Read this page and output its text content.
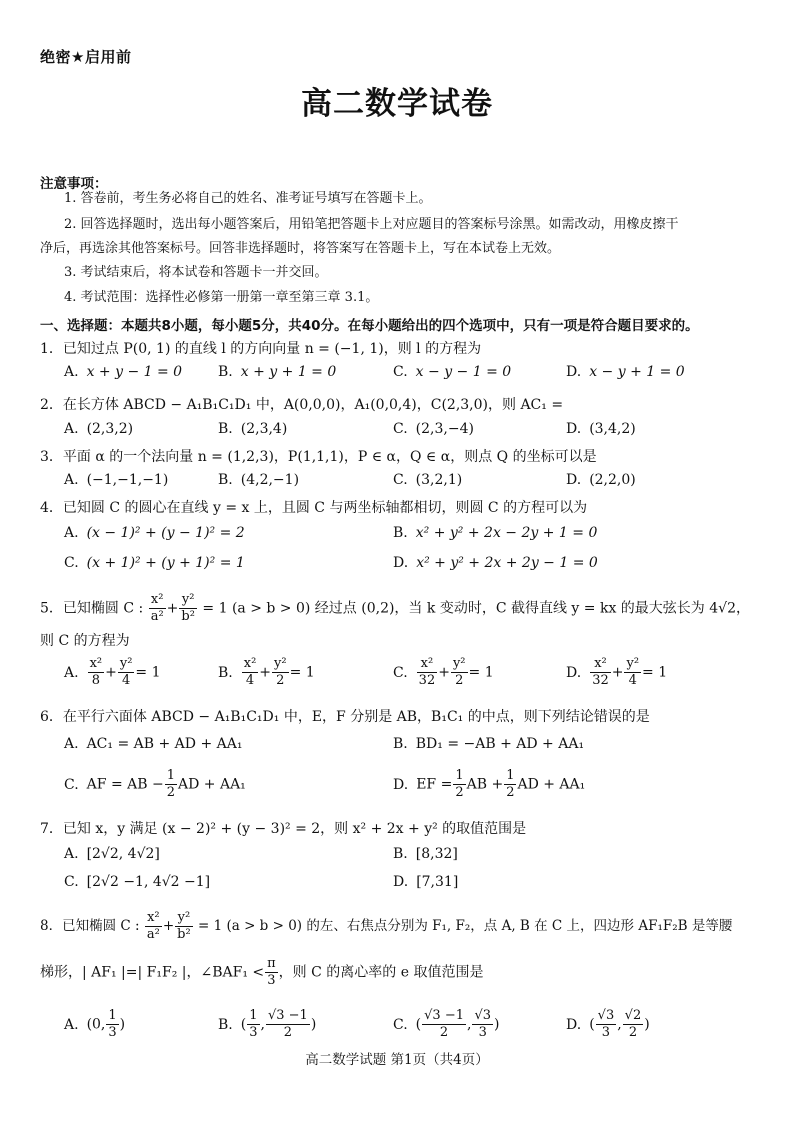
绝密★启用前
高二数学试卷
注意事项：
1. 答卷前，考生务必将自己的姓名、准考证号填写在答题卡上。
2. 回答选择题时，选出每小题答案后，用铅笔把答题卡上对应题目的答案标号涂黑。如需改动，用橡皮擦干
净后，再选涂其他答案标号。回答非选择题时，将答案写在答题卡上，写在本试卷上无效。
3. 考试结束后，将本试卷和答题卡一并交回。
4. 考试范围：选择性必修第一册第一章至第三章 3.1。
一、选择题：本题共8小题，每小题5分，共40分。在每小题给出的四个选项中，只有一项是符合题目要求的。
1．已知过点 P(0, 1) 的直线 l 的方向向量 n = (−1, 1)，则 l 的方程为
A. x + y − 1 = 0	B. x + y + 1 = 0	C. x − y − 1 = 0	D. x − y + 1 = 0
2．在长方体 ABCD − A₁B₁C₁D₁ 中，A(0,0,0)，A₁(0,0,4)，C(2,3,0)，则 AC₁ =
A. (2,3,2)	B. (2,3,4)	C. (2,3,−4)	D. (3,4,2)
3．平面 α 的一个法向量 n = (1,2,3)，P(1,1,1)，P ∈ α，Q ∈ α，则点 Q 的坐标可以是
A. (−1,−1,−1)	B. (4,2,−1)	C. (3,2,1)	D. (2,2,0)
4．已知圆 C 的圆心在直线 y = x 上，且圆 C 与两坐标轴都相切，则圆 C 的方程可以为
A. (x − 1)² + (y − 1)² = 2	B. x² + y² + 2x − 2y + 1 = 0
C. (x + 1)² + (y + 1)² = 1	D. x² + y² + 2x + 2y − 1 = 0
5．已知椭圆 C : $\frac{\text{x²}}{\text{a²}} + \frac{\text{y²}}{\text{b²}} = 1$ (a > b > 0) 经过点 (0,2)，当 k 变动时，C 截得直线 y = kx 的最大弦长为 4√2，
则 C 的方程为
A. $\frac{\text{x²}}{8} + \frac{\text{y²}}{4} = 1$	B. $\frac{\text{x²}}{4} + \frac{\text{y²}}{2} = 1$	C. $\frac{\text{x²}}{32} + \frac{\text{y²}}{2} = 1$	D. $\frac{\text{x²}}{32} + \frac{\text{y²}}{4} = 1$
6．在平行六面体 ABCD − A₁B₁C₁D₁ 中，E，F 分别是 AB，B₁C₁ 的中点，则下列结论错误的是
A. AC₁ = AB + AD + AA₁	B. BD₁ = −AB + AD + AA₁
C. AF = AB − $\frac{1}{2}$ AD + AA₁	D. EF = $\frac{1}{2}$ AB + $\frac{1}{2}$ AD + AA₁
7．已知 x，y 满足 (x − 2)² + (y − 3)² = 2，则 x² + 2x + y² 的取值范围是
A. [2√2, 4√2]	B. [8,32]
C. [2√2 −1, 4√2 −1]	D. [7,31]
8．已知椭圆 C : $\frac{\text{x²}}{\text{a²}} + \frac{\text{y²}}{\text{b²}} = 1$ (a > b > 0) 的左、右焦点分别为 F₁, F₂，点 A, B 在 C 上，四边形 AF₁F₂B 是等腰
梯形，| AF₁ |=| F₁F₂ |，∠BAF₁ < $\frac{\pi}{3}$ ，则 C 的离心率的 e 取值范围是
A. (0, $\frac{1}{3}$ )	B. ( $\frac{1}{3}$ , $\frac{√3 -1}{2}$ )	C. ( $\frac{√3 -1}{2}$ , $\frac{√3}{3}$ )	D. ( $\frac{√3}{3}$ , $\frac{√2}{2}$ )
高二数学试题 第1页（共4页）
